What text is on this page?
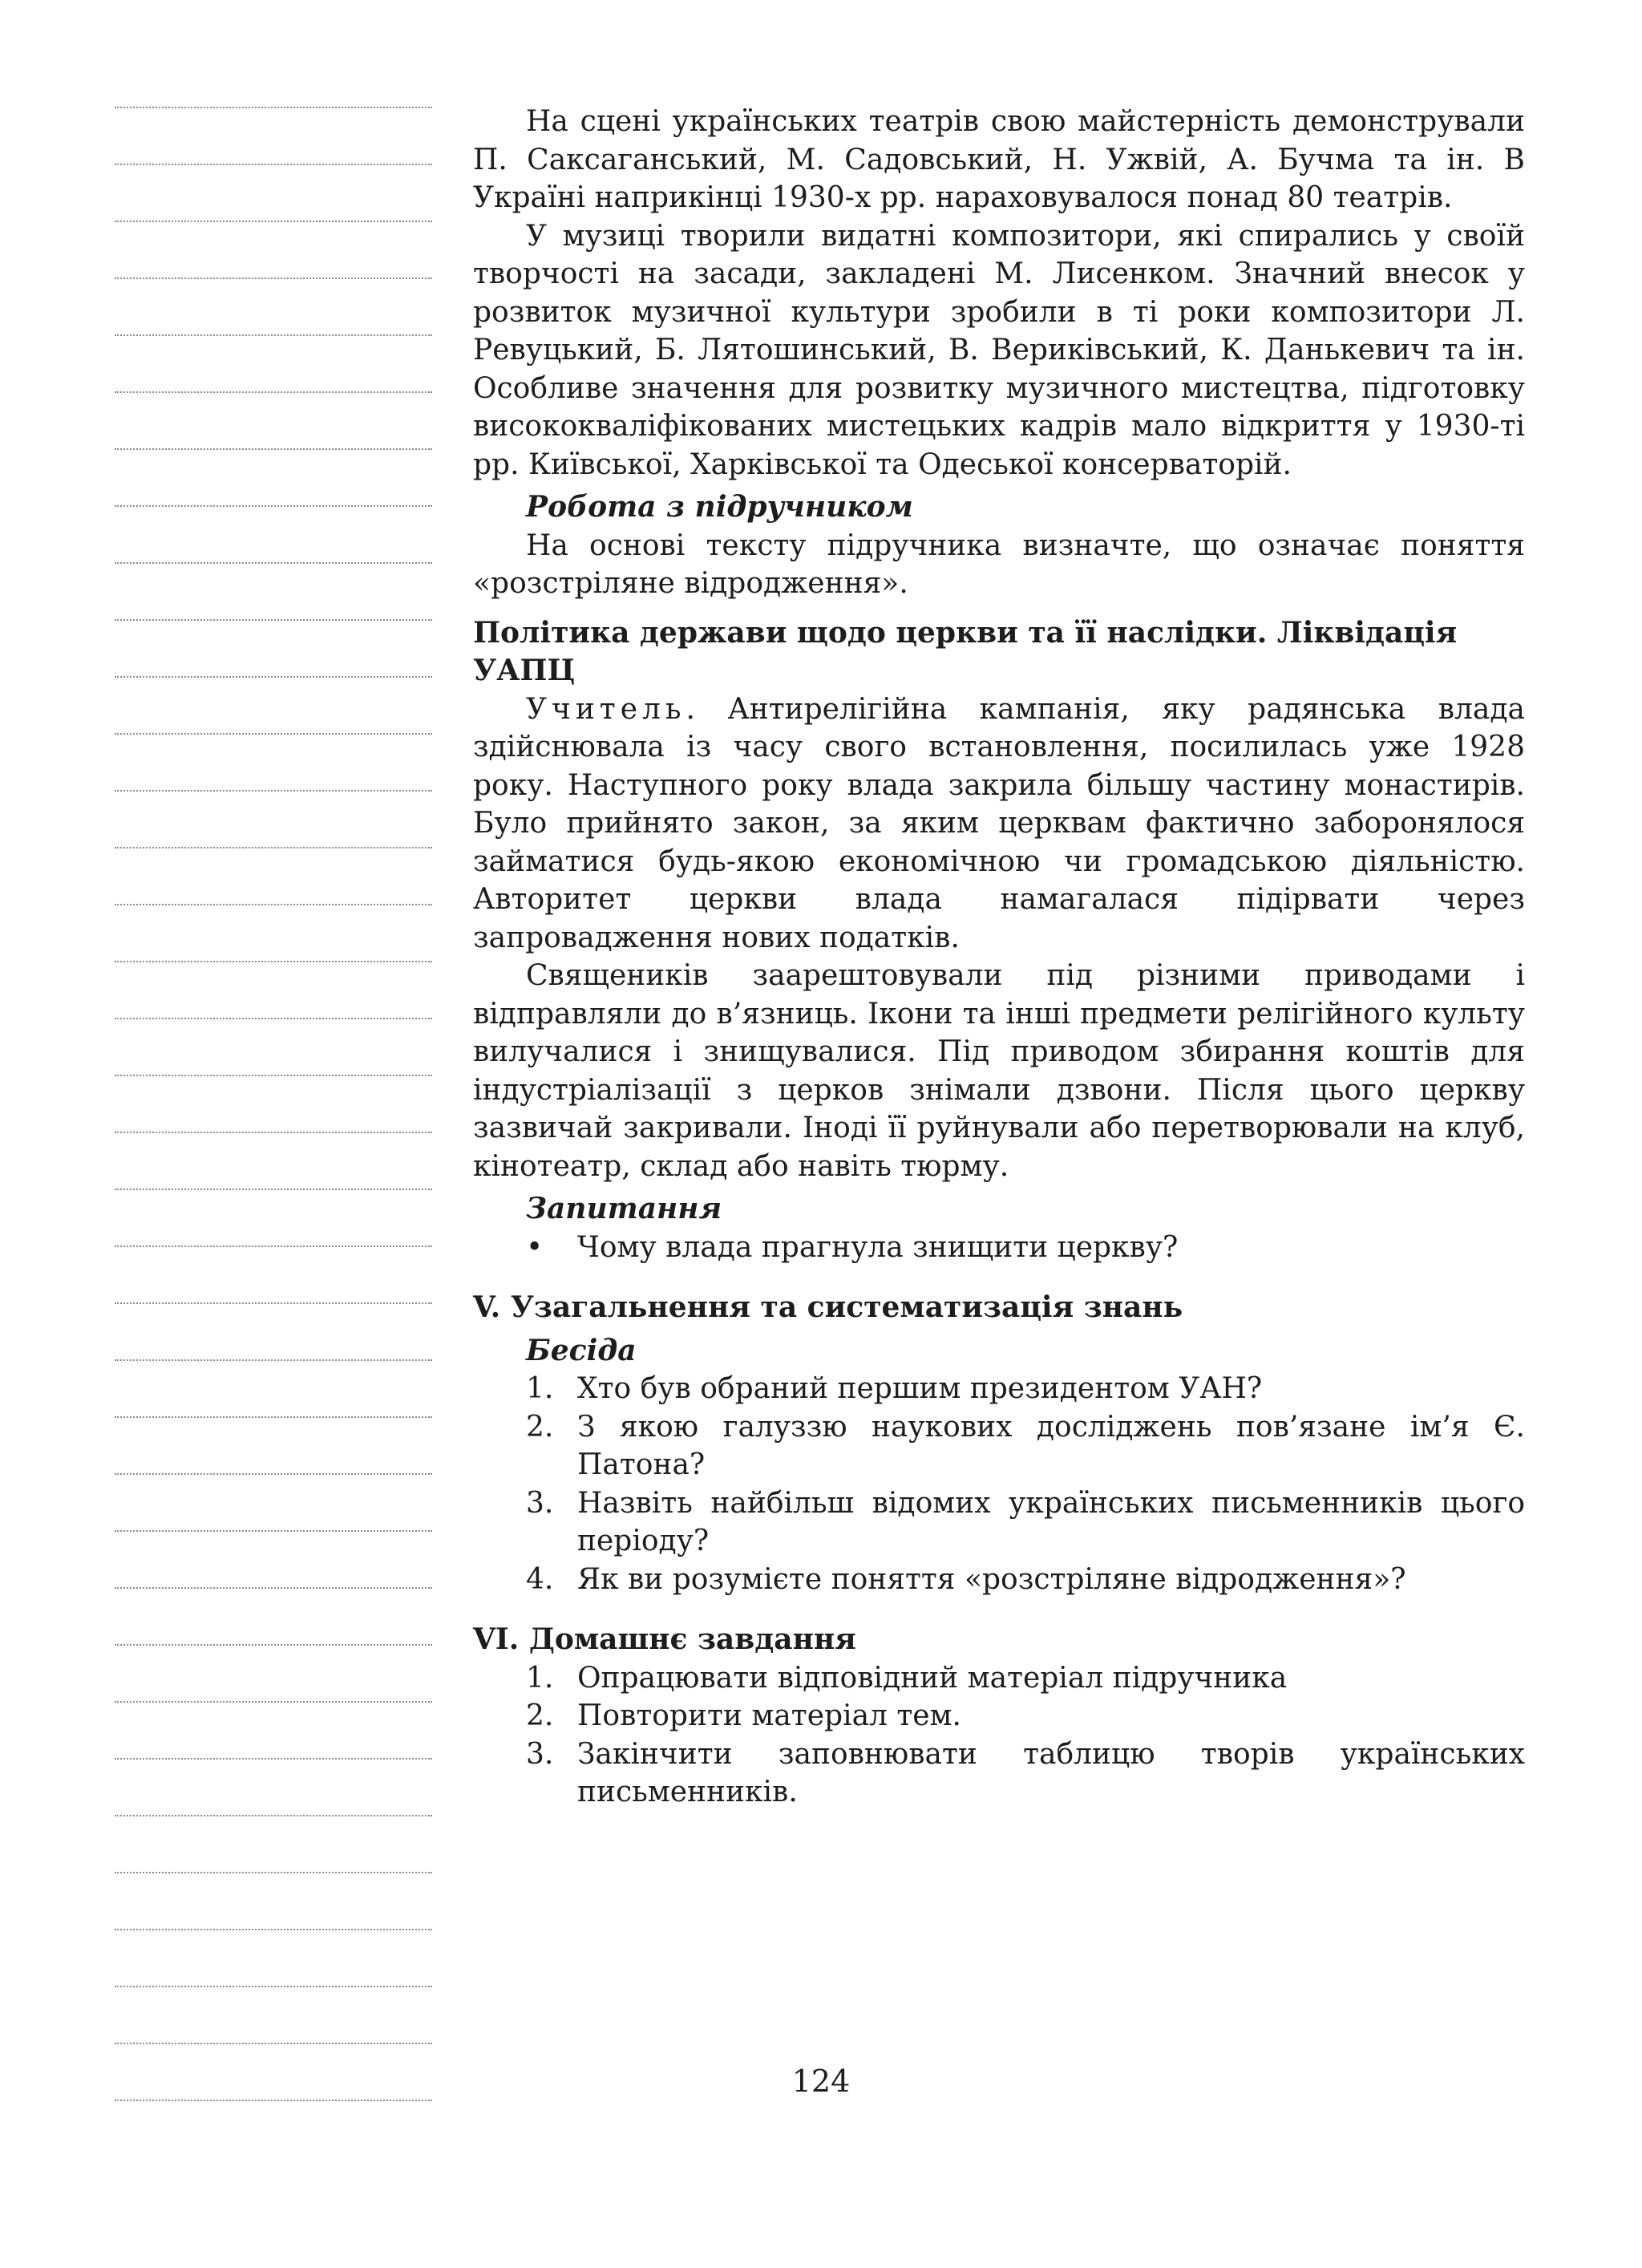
На сцені українських театрів свою майстерність демонстрували П. Саксаганський, М. Садовський, Н. Ужвій, А. Бучма та ін. В Україні наприкінці 1930-х рр. нараховувалося понад 80 театрів.

У музиці творили видатні композитори, які спирались у своїй творчості на засади, закладені М. Лисенком. Значний внесок у розвиток музичної культури зробили в ті роки композитори Л. Ревуцький, Б. Лятошинський, В. Вериківський, К. Данькевич та ін. Особливе значення для розвитку музичного мистецтва, підготовку висококваліфікованих мистецьких кадрів мало відкриття у 1930-ті рр. Київської, Харківської та Одеської консерваторій.

Робота з підручником

На основі тексту підручника визначте, що означає поняття «розстріляне відродження».

Політика держави щодо церкви та її наслідки. Ліквідація УАПЦ

Учитель. Антирелігійна кампанія, яку радянська влада здійснювала із часу свого встановлення, посилилась уже 1928 року. Наступного року влада закрила більшу частину монастирів. Було прийнято закон, за яким церквам фактично заборонялося займатися будь-якою економічною чи громадською діяльністю. Авторитет церкви влада намагалася підірвати через запровадження нових податків.

Священиків заарештовували під різними приводами і відправляли до в’язниць. Ікони та інші предмети релігійного культу вилучалися і знищувалися. Під приводом збирання коштів для індустріалізації з церков знімали дзвони. Після цього церкву зазвичай закривали. Іноді її руйнували або перетворювали на клуб, кінотеатр, склад або навіть тюрму.

Запитання
• Чому влада прагнула знищити церкву?
V. Узагальнення та систематизація знань
Бесіда
1. Хто був обраний першим президентом УАН?
2. З якою галуззю наукових досліджень пов’язане ім’я Є. Патона?
3. Назвіть найбільш відомих українських письменників цього періоду?
4. Як ви розумієте поняття «розстріляне відродження»?
VI. Домашнє завдання
1. Опрацювати відповідний матеріал підручника
2. Повторити матеріал тем.
3. Закінчити заповнювати таблицю творів українських письменників.
124
